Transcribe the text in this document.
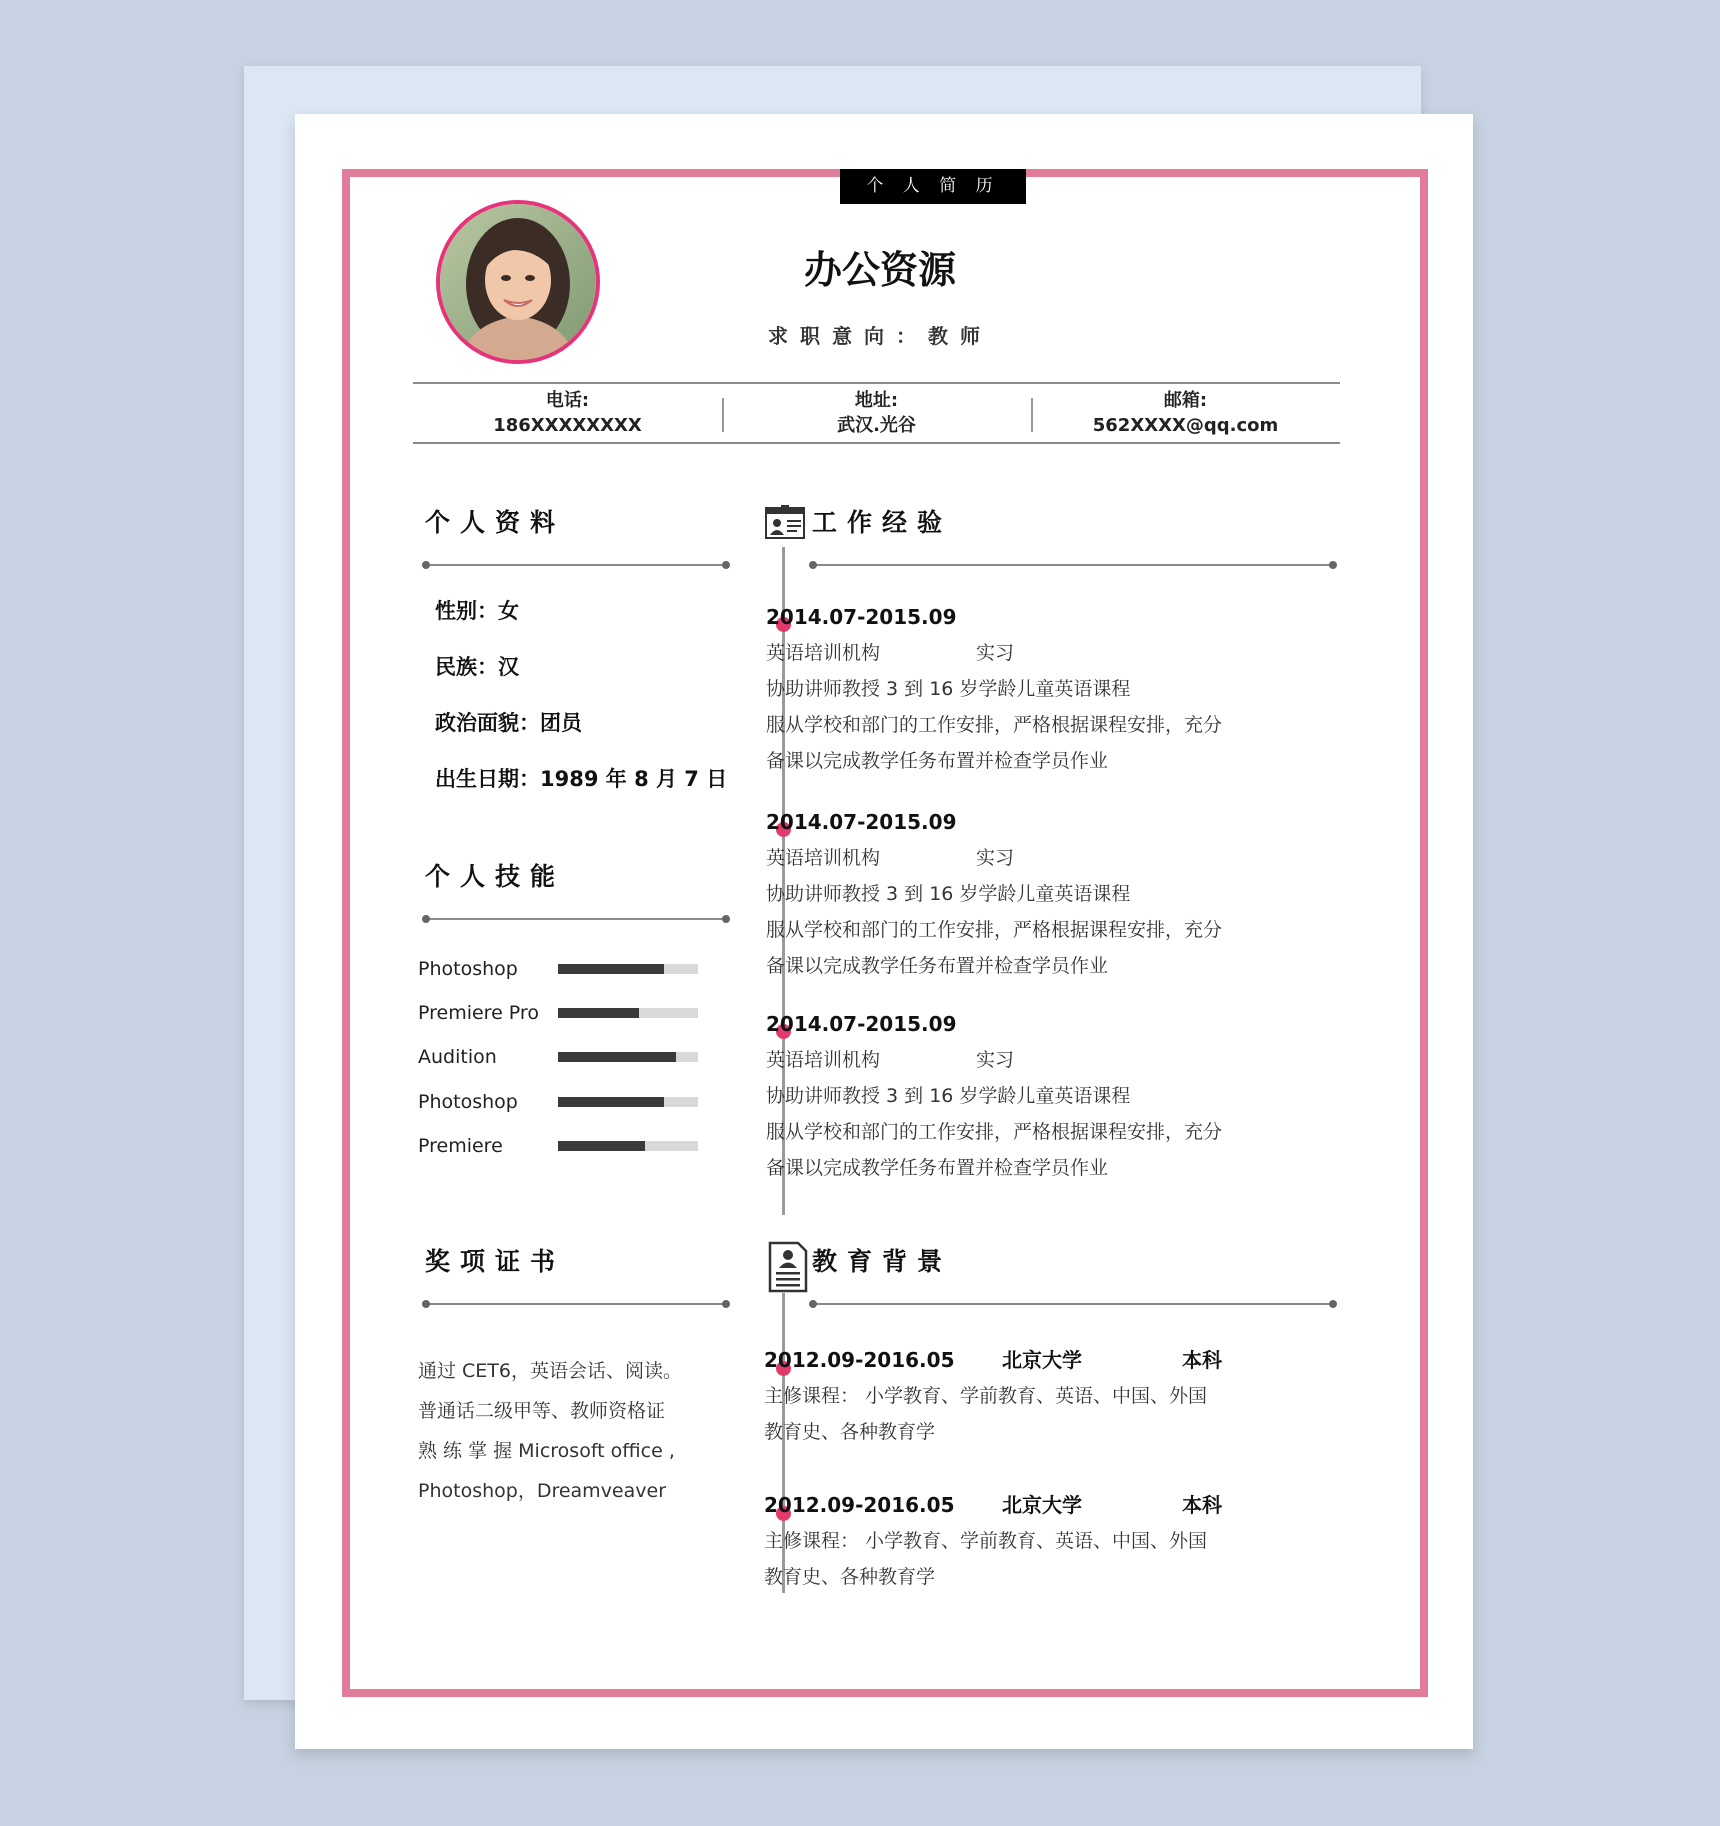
个 人 简 历
办公资源
求职意向：教师
电话:
186XXXXXXXX
地址:
武汉.光谷
邮箱:
562XXXX@qq.com
个人资料
性别：女
民族：汉
政治面貌：团员
出生日期：1989 年 8 月 7 日
个人技能
Photoshop
Premiere Pro
Audition
Photoshop
Premiere
奖项证书
通过 CET6，英语会话、阅读。
普通话二级甲等、教师资格证
熟 练 掌 握 Microsoft office ,
Photoshop，Dreamveaver
工作经验
2014.07-2015.09
英语培训机构	实习
协助讲师教授 3 到 16 岁学龄儿童英语课程
服从学校和部门的工作安排，严格根据课程安排，充分
备课以完成教学任务布置并检查学员作业
2014.07-2015.09
英语培训机构	实习
协助讲师教授 3 到 16 岁学龄儿童英语课程
服从学校和部门的工作安排，严格根据课程安排，充分
备课以完成教学任务布置并检查学员作业
2014.07-2015.09
英语培训机构	实习
协助讲师教授 3 到 16 岁学龄儿童英语课程
服从学校和部门的工作安排，严格根据课程安排，充分
备课以完成教学任务布置并检查学员作业
教育背景
2012.09-2016.05	北京大学	本科
主修课程： 小学教育、学前教育、英语、中国、外国
教育史、各种教育学
2012.09-2016.05	北京大学	本科
主修课程： 小学教育、学前教育、英语、中国、外国
教育史、各种教育学
